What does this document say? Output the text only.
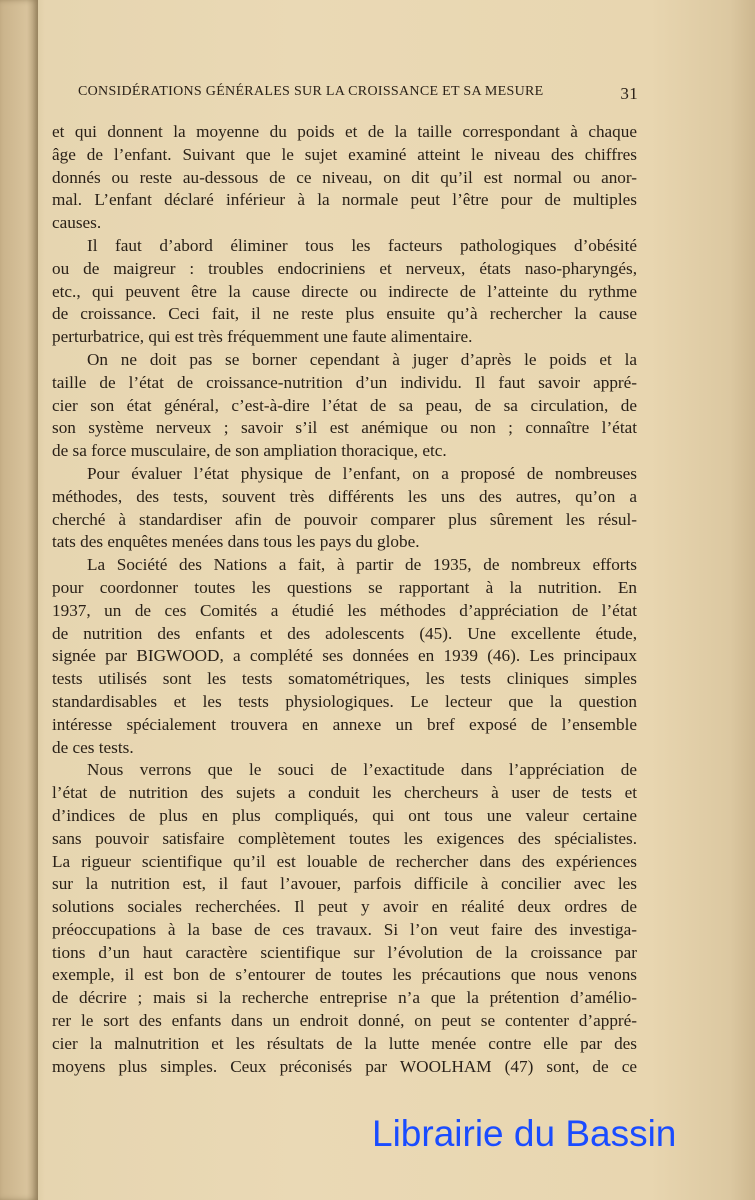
CONSIDÉRATIONS GÉNÉRALES SUR LA CROISSANCE ET SA MESURE	31
et qui donnent la moyenne du poids et de la taille correspondant à chaque
âge de l’enfant. Suivant que le sujet examiné atteint le niveau des chiffres
donnés ou reste au-dessous de ce niveau, on dit qu’il est normal ou anor-
mal. L’enfant déclaré inférieur à la normale peut l’être pour de multiples
causes.
Il faut d’abord éliminer tous les facteurs pathologiques d’obésité
ou de maigreur : troubles endocriniens et nerveux, états naso-pharyngés,
etc., qui peuvent être la cause directe ou indirecte de l’atteinte du rythme
de croissance. Ceci fait, il ne reste plus ensuite qu’à rechercher la cause
perturbatrice, qui est très fréquemment une faute alimentaire.
On ne doit pas se borner cependant à juger d’après le poids et la
taille de l’état de croissance-nutrition d’un individu. Il faut savoir appré-
cier son état général, c’est-à-dire l’état de sa peau, de sa circulation, de
son système nerveux ; savoir s’il est anémique ou non ; connaître l’état
de sa force musculaire, de son ampliation thoracique, etc.
Pour évaluer l’état physique de l’enfant, on a proposé de nombreuses
méthodes, des tests, souvent très différents les uns des autres, qu’on a
cherché à standardiser afin de pouvoir comparer plus sûrement les résul-
tats des enquêtes menées dans tous les pays du globe.
La Société des Nations a fait, à partir de 1935, de nombreux efforts
pour coordonner toutes les questions se rapportant à la nutrition. En
1937, un de ces Comités a étudié les méthodes d’appréciation de l’état
de nutrition des enfants et des adolescents (45). Une excellente étude,
signée par BIGWOOD, a complété ses données en 1939 (46). Les principaux
tests utilisés sont les tests somatométriques, les tests cliniques simples
standardisables et les tests physiologiques. Le lecteur que la question
intéresse spécialement trouvera en annexe un bref exposé de l’ensemble
de ces tests.
Nous verrons que le souci de l’exactitude dans l’appréciation de
l’état de nutrition des sujets a conduit les chercheurs à user de tests et
d’indices de plus en plus compliqués, qui ont tous une valeur certaine
sans pouvoir satisfaire complètement toutes les exigences des spécialistes.
La rigueur scientifique qu’il est louable de rechercher dans des expériences
sur la nutrition est, il faut l’avouer, parfois difficile à concilier avec les
solutions sociales recherchées. Il peut y avoir en réalité deux ordres de
préoccupations à la base de ces travaux. Si l’on veut faire des investiga-
tions d’un haut caractère scientifique sur l’évolution de la croissance par
exemple, il est bon de s’entourer de toutes les précautions que nous venons
de décrire ; mais si la recherche entreprise n’a que la prétention d’amélio-
rer le sort des enfants dans un endroit donné, on peut se contenter d’appré-
cier la malnutrition et les résultats de la lutte menée contre elle par des
moyens plus simples. Ceux préconisés par WOOLHAM (47) sont, de ce
Librairie du Bassin
